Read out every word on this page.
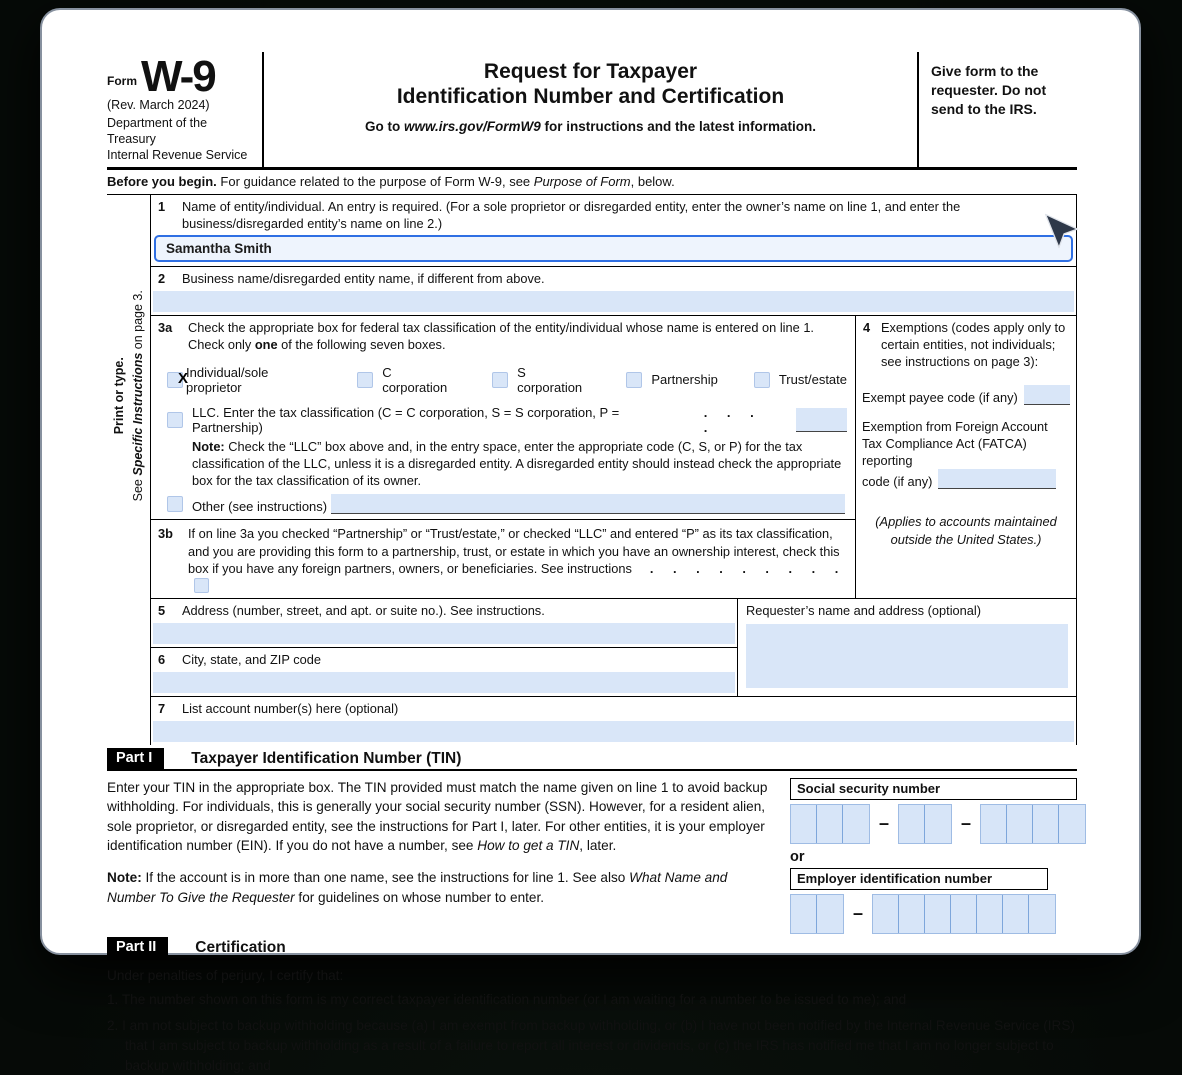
Form W-9
(Rev. March 2024)
Department of the Treasury
Internal Revenue Service
Request for Taxpayer
Identification Number and Certification
Go to www.irs.gov/FormW9 for instructions and the latest information.
Give form to the requester. Do not send to the IRS.
Before you begin. For guidance related to the purpose of Form W-9, see Purpose of Form, below.
Print or type.
See Specific Instructions on page 3.
1	Name of entity/individual. An entry is required. (For a sole proprietor or disregarded entity, enter the owner’s name on line 1, and enter the business/disregarded entity’s name on line 2.)
Samantha Smith
2	Business name/disregarded entity name, if different from above.
3a	Check the appropriate box for federal tax classification of the entity/individual whose name is entered on line 1. Check only one of the following seven boxes.
X
Individual/sole proprietor
C corporation
S corporation	Partnership	Trust/estate
LLC. Enter the tax classification (C = C corporation, S = S corporation, P = Partnership)
. . . .
Note: Check the “LLC” box above and, in the entry space, enter the appropriate code (C, S, or P) for the tax classification of the LLC, unless it is a disregarded entity. A disregarded entity should instead check the appropriate box for the tax classification of its owner.
Other (see instructions)
3b	If on line 3a you checked “Partnership” or “Trust/estate,” or checked “LLC” and entered “P” as its tax classification, and you are providing this form to a partnership, trust, or estate in which you have an ownership interest, check this box if you have any foreign partners, owners, or beneficiaries. See instructions . . . . . . . . .
4 Exemptions (codes apply only to certain entities, not individuals; see instructions on page 3):
Exempt payee code (if any)
Exemption from Foreign Account Tax Compliance Act (FATCA) reporting
code (if any)
(Applies to accounts maintained outside the United States.)
5	Address (number, street, and apt. or suite no.). See instructions.
6	City, state, and ZIP code
Requester’s name and address (optional)
7	List account number(s) here (optional)
Part I	Taxpayer Identification Number (TIN)
Enter your TIN in the appropriate box. The TIN provided must match the name given on line 1 to avoid backup withholding. For individuals, this is generally your social security number (SSN). However, for a resident alien, sole proprietor, or disregarded entity, see the instructions for Part I, later. For other entities, it is your employer identification number (EIN). If you do not have a number, see How to get a TIN, later.
Note: If the account is in more than one name, see the instructions for line 1. See also What Name and Number To Give the Requester for guidelines on whose number to enter.
Social security number
–	–
or
Employer identification number
–
Part II	Certification
Under penalties of perjury, I certify that:
1. The number shown on this form is my correct taxpayer identification number (or I am waiting for a number to be issued to me); and
2. I am not subject to backup withholding because (a) I am exempt from backup withholding, or (b) I have not been notified by the Internal Revenue Service (IRS) that I am subject to backup withholding as a result of a failure to report all interest or dividends, or (c) the IRS has notified me that I am no longer subject to backup withholding; and
